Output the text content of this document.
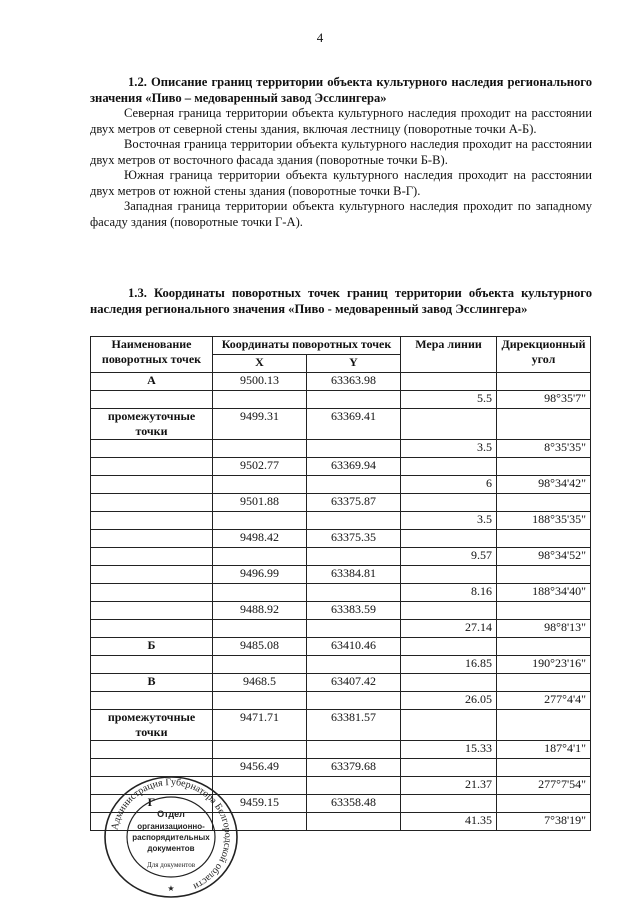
4
1.2. Описание границ территории объекта культурного наследия регионального значения «Пиво – медоваренный завод Эсслингера»

Северная граница территории объекта культурного наследия проходит на расстоянии двух метров от северной стены здания, включая лестницу (поворотные точки А-Б).

Восточная граница территории объекта культурного наследия проходит на расстоянии двух метров от восточного фасада здания (поворотные точки Б-В).

Южная граница территории объекта культурного наследия проходит на расстоянии двух метров от южной стены здания (поворотные точки В-Г).

Западная граница территории объекта культурного наследия проходит по западному фасаду здания (поворотные точки Г-А).

1.3. Координаты поворотных точек границ территории объекта культурного наследия регионального значения «Пиво - медоваренный завод Эсслингера»
Наименование поворотных точек	Координаты поворотных точек		Мера линии	Дирекционный угол
	X	Y		
А	9500.13	63363.98		
			5.5	98°35'7"
промежуточные точки	9499.31	63369.41		
			3.5	8°35'35"
	9502.77	63369.94		
			6	98°34'42"
	9501.88	63375.87		
			3.5	188°35'35"
	9498.42	63375.35		
			9.57	98°34'52"
	9496.99	63384.81		
			8.16	188°34'40"
	9488.92	63383.59		
			27.14	98°8'13"
Б	9485.08	63410.46		
			16.85	190°23'16"
В	9468.5	63407.42		
			26.05	277°4'4"
промежуточные точки	9471.71	63381.57		
			15.33	187°4'1"
	9456.49	63379.68		
			21.37	277°7'54"
Г	9459.15	63358.48		
			41.35	7°38'19"
Администрация Губернатора Белгородской области
Отдел
организационно-
распорядительных
документов
Для документов
★
